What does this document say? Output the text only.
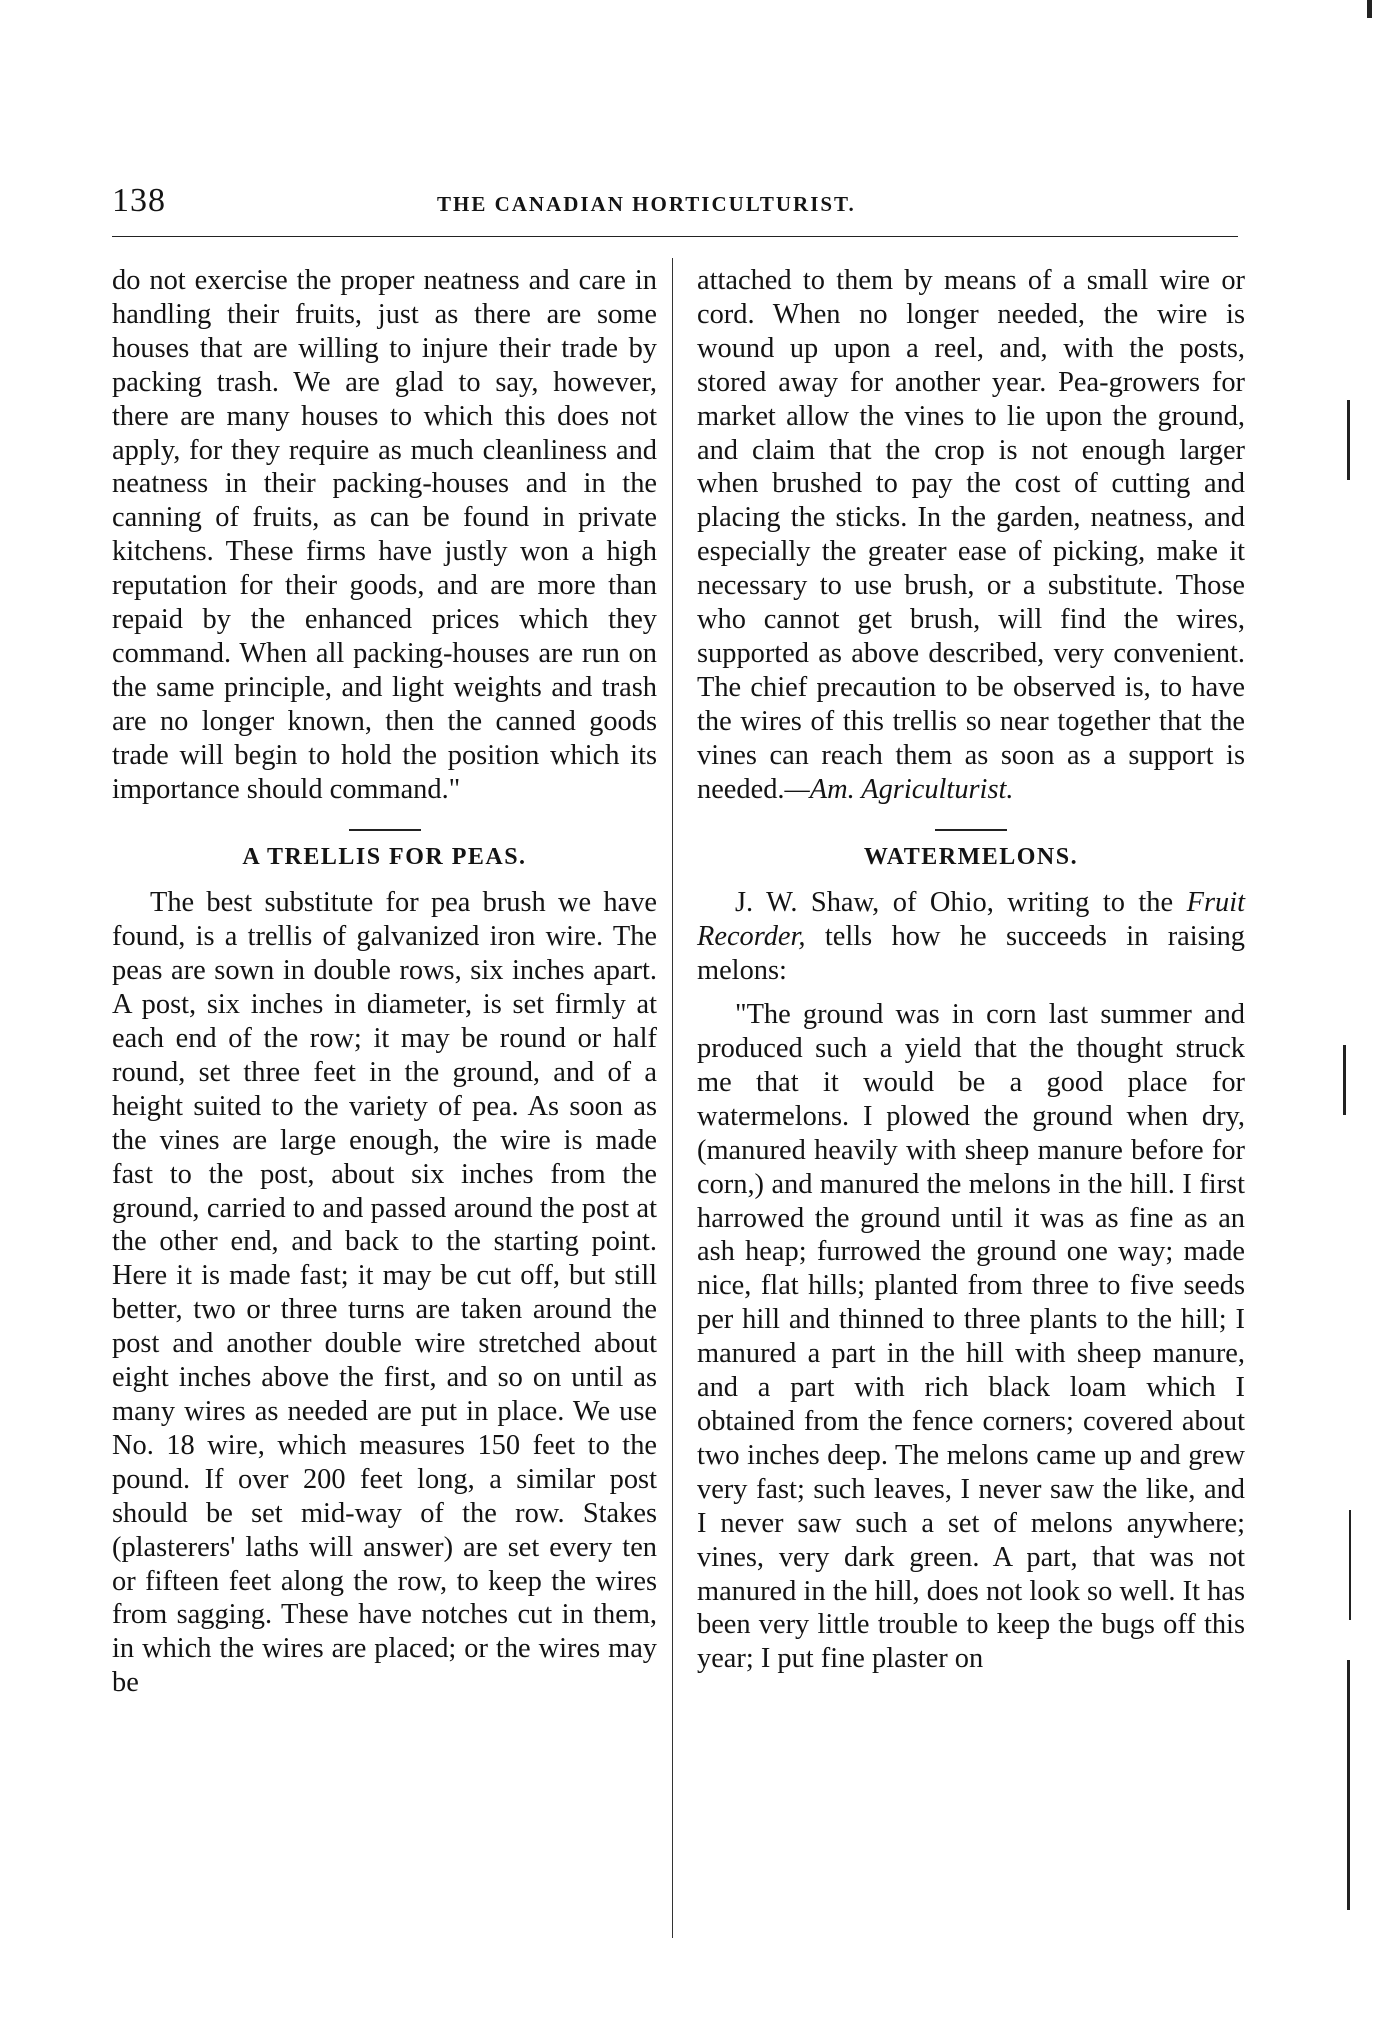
138	THE CANADIAN HORTICULTURIST.

do not exercise the proper neatness and care in handling their fruits, just as there are some houses that are willing to injure their trade by packing trash. We are glad to say, however, there are many houses to which this does not apply, for they require as much cleanliness and neatness in their packing-houses and in the canning of fruits, as can be found in private kitchens. These firms have justly won a high reputation for their goods, and are more than repaid by the enhanced prices which they command. When all packing-houses are run on the same principle, and light weights and trash are no longer known, then the canned goods trade will begin to hold the position which its importance should command."

A TRELLIS FOR PEAS.

The best substitute for pea brush we have found, is a trellis of galvanized iron wire. The peas are sown in double rows, six inches apart. A post, six inches in diameter, is set firmly at each end of the row; it may be round or half round, set three feet in the ground, and of a height suited to the variety of pea. As soon as the vines are large enough, the wire is made fast to the post, about six inches from the ground, carried to and passed around the post at the other end, and back to the starting point. Here it is made fast; it may be cut off, but still better, two or three turns are taken around the post and another double wire stretched about eight inches above the first, and so on until as many wires as needed are put in place. We use No. 18 wire, which measures 150 feet to the pound. If over 200 feet long, a similar post should be set mid-way of the row. Stakes (plasterers' laths will answer) are set every ten or fifteen feet along the row, to keep the wires from sagging. These have notches cut in them, in which the wires are placed; or the wires may be

attached to them by means of a small wire or cord. When no longer needed, the wire is wound up upon a reel, and, with the posts, stored away for another year. Pea-growers for market allow the vines to lie upon the ground, and claim that the crop is not enough larger when brushed to pay the cost of cutting and placing the sticks. In the garden, neatness, and especially the greater ease of picking, make it necessary to use brush, or a substitute. Those who cannot get brush, will find the wires, supported as above described, very convenient. The chief precaution to be observed is, to have the wires of this trellis so near together that the vines can reach them as soon as a support is needed.—Am. Agriculturist.

WATERMELONS.

J. W. Shaw, of Ohio, writing to the Fruit Recorder, tells how he succeeds in raising melons:

"The ground was in corn last summer and produced such a yield that the thought struck me that it would be a good place for watermelons. I plowed the ground when dry, (manured heavily with sheep manure before for corn,) and manured the melons in the hill. I first harrowed the ground until it was as fine as an ash heap; furrowed the ground one way; made nice, flat hills; planted from three to five seeds per hill and thinned to three plants to the hill; I manured a part in the hill with sheep manure, and a part with rich black loam which I obtained from the fence corners; covered about two inches deep. The melons came up and grew very fast; such leaves, I never saw the like, and I never saw such a set of melons anywhere; vines, very dark green. A part, that was not manured in the hill, does not look so well. It has been very little trouble to keep the bugs off this year; I put fine plaster on
